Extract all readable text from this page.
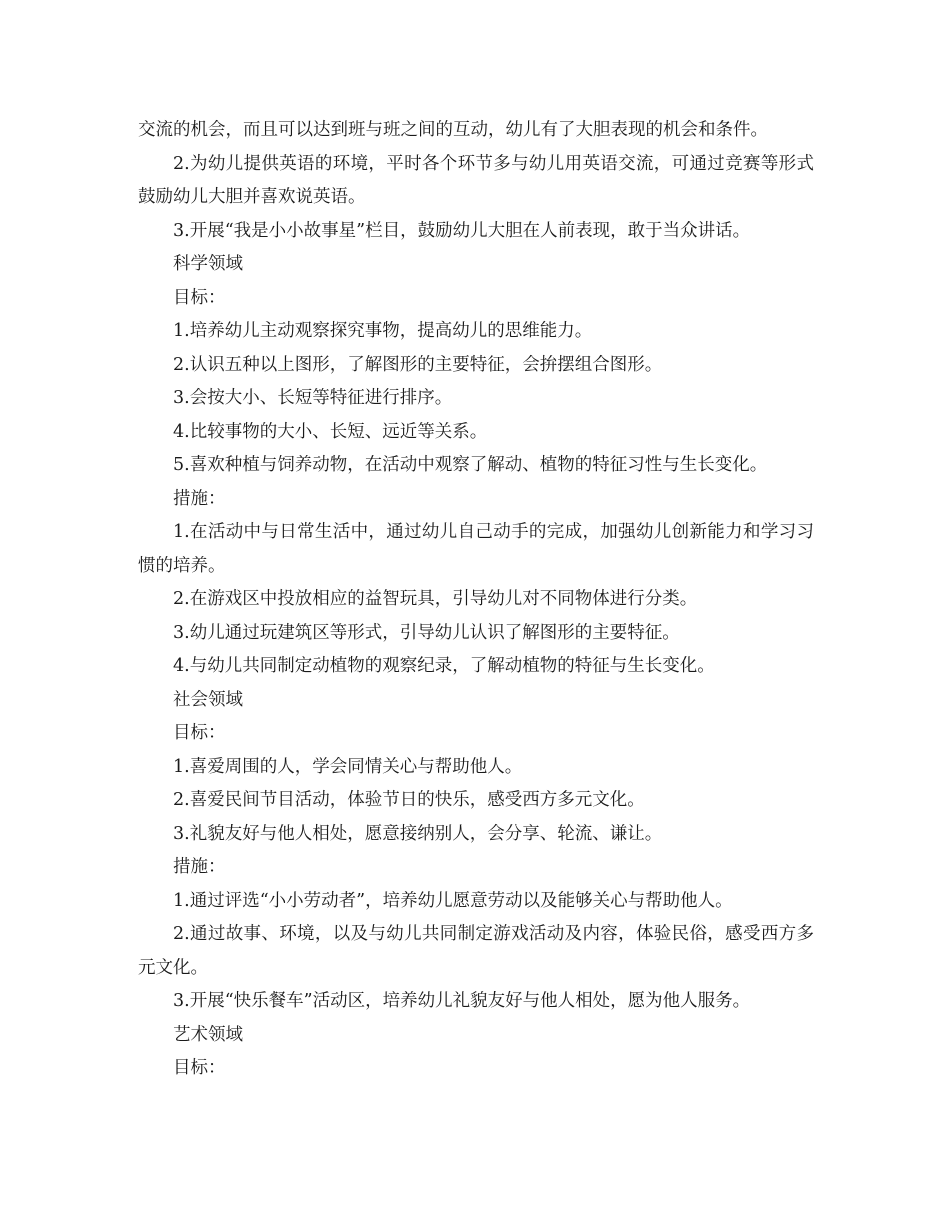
交流的机会，而且可以达到班与班之间的互动，幼儿有了大胆表现的机会和条件。

2.为幼儿提供英语的环境，平时各个环节多与幼儿用英语交流，可通过竞赛等形式鼓励幼儿大胆并喜欢说英语。

3.开展“我是小小故事星”栏目，鼓励幼儿大胆在人前表现，敢于当众讲话。

科学领域

目标：

1.培养幼儿主动观察探究事物，提高幼儿的思维能力。

2.认识五种以上图形，了解图形的主要特征，会拚摆组合图形。

3.会按大小、长短等特征进行排序。

4.比较事物的大小、长短、远近等关系。

5.喜欢种植与饲养动物，在活动中观察了解动、植物的特征习性与生长变化。

措施：

1.在活动中与日常生活中，通过幼儿自己动手的完成，加强幼儿创新能力和学习习惯的培养。

2.在游戏区中投放相应的益智玩具，引导幼儿对不同物体进行分类。

3.幼儿通过玩建筑区等形式，引导幼儿认识了解图形的主要特征。

4.与幼儿共同制定动植物的观察纪录，了解动植物的特征与生长变化。

社会领域

目标：

1.喜爱周围的人，学会同情关心与帮助他人。

2.喜爱民间节目活动，体验节日的快乐，感受西方多元文化。

3.礼貌友好与他人相处，愿意接纳别人，会分享、轮流、谦让。

措施：

1.通过评选“小小劳动者”，培养幼儿愿意劳动以及能够关心与帮助他人。

2.通过故事、环境，以及与幼儿共同制定游戏活动及内容，体验民俗，感受西方多元文化。

3.开展“快乐餐车”活动区，培养幼儿礼貌友好与他人相处，愿为他人服务。

艺术领域

目标：
